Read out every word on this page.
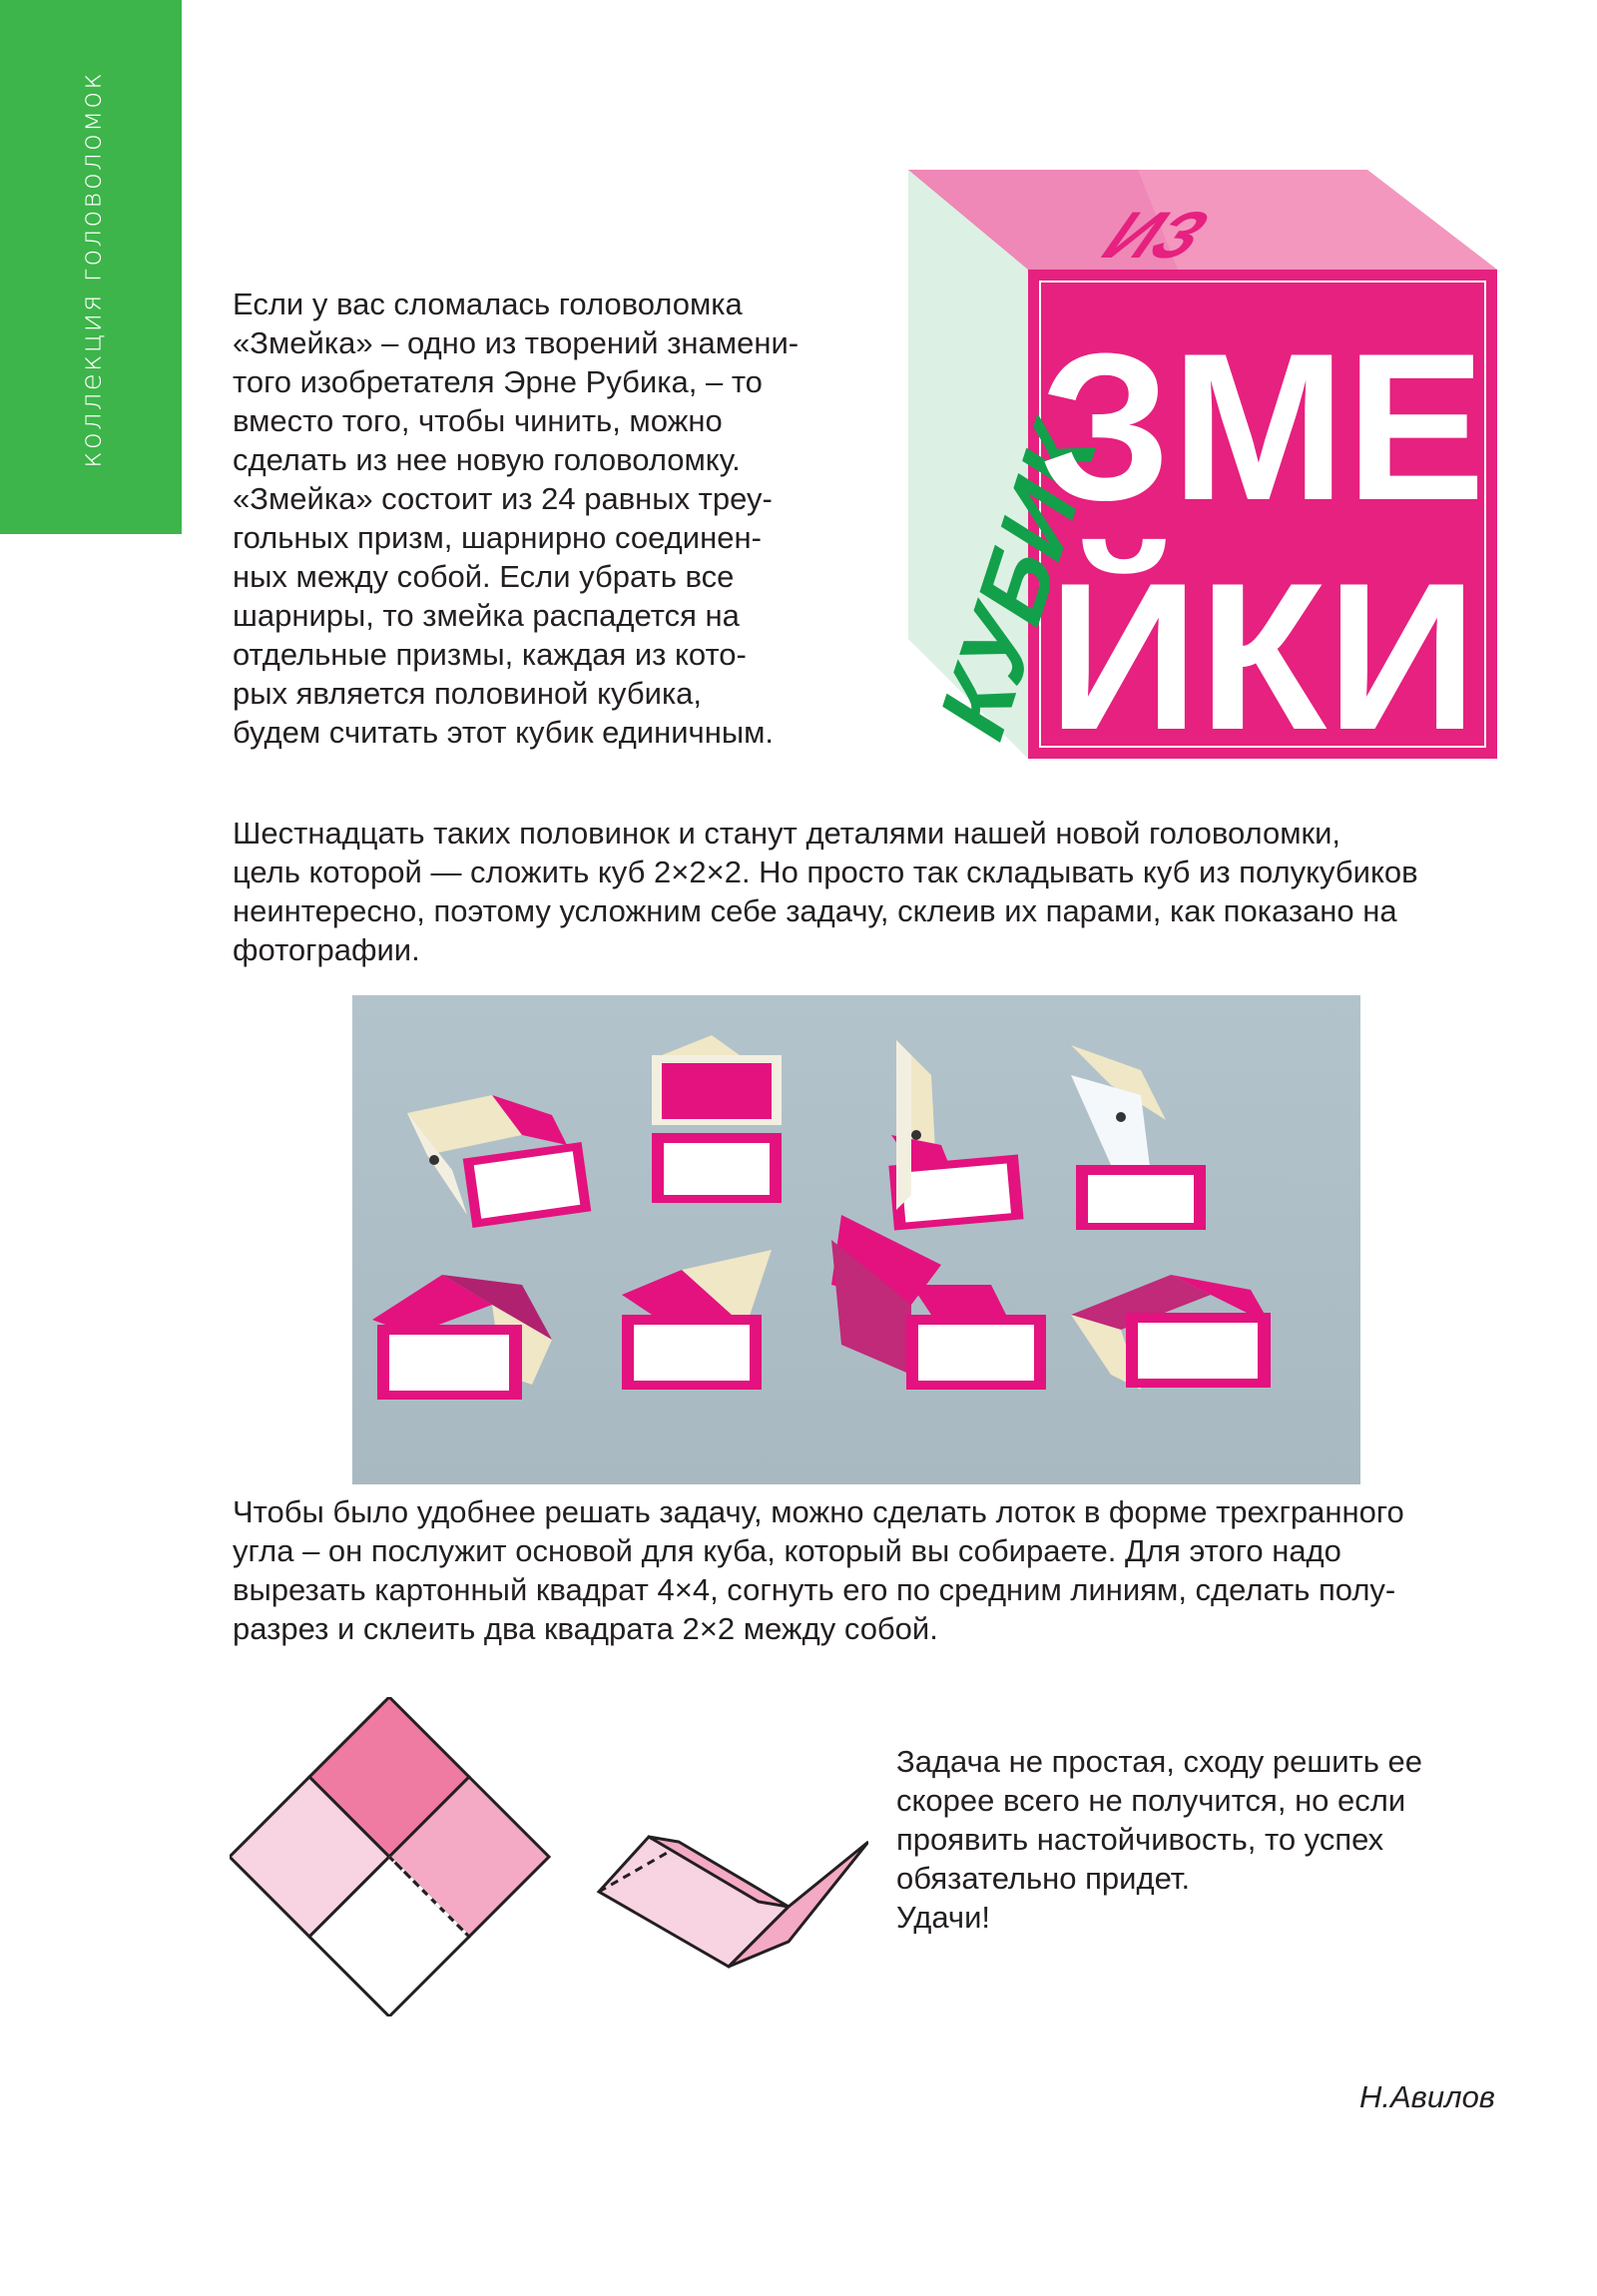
коллекция головоломок	Если у вас сломалась головоломка
«Змейка» – одно из творений знамени-
того изобретателя Эрне Рубика, – то
вместо того, чтобы чинить, можно
сделать из нее новую головоломку.
«Змейка» состоит из 24 равных треу-
гольных призм, шарнирно соединен-
ных между собой. Если убрать все
шарниры, то змейка распадется на
отдельные призмы, каждая из кото-
рых является половиной кубика,
будем считать этот кубик единичным.

ИЗ
КУБИК
ЗМЕ
ЙКИ

Шестнадцать таких половинок и станут деталями нашей новой головоломки,
цель которой — сложить куб 2×2×2. Но просто так складывать куб из полукубиков
неинтересно, поэтому усложним себе задачу, склеив их парами, как показано на
фотографии.

Чтобы было удобнее решать задачу, можно сделать лоток в форме трехгранного
угла – он послужит основой для куба, который вы собираете. Для этого надо
вырезать картонный квадрат 4×4, согнуть его по средним линиям, сделать полу-
разрез и склеить два квадрата 2×2 между собой.

Задача не простая, сходу решить ее
скорее всего не получится, но если
проявить настойчивость, то успех
обязательно придет.
Удачи!

Н.Авилов
